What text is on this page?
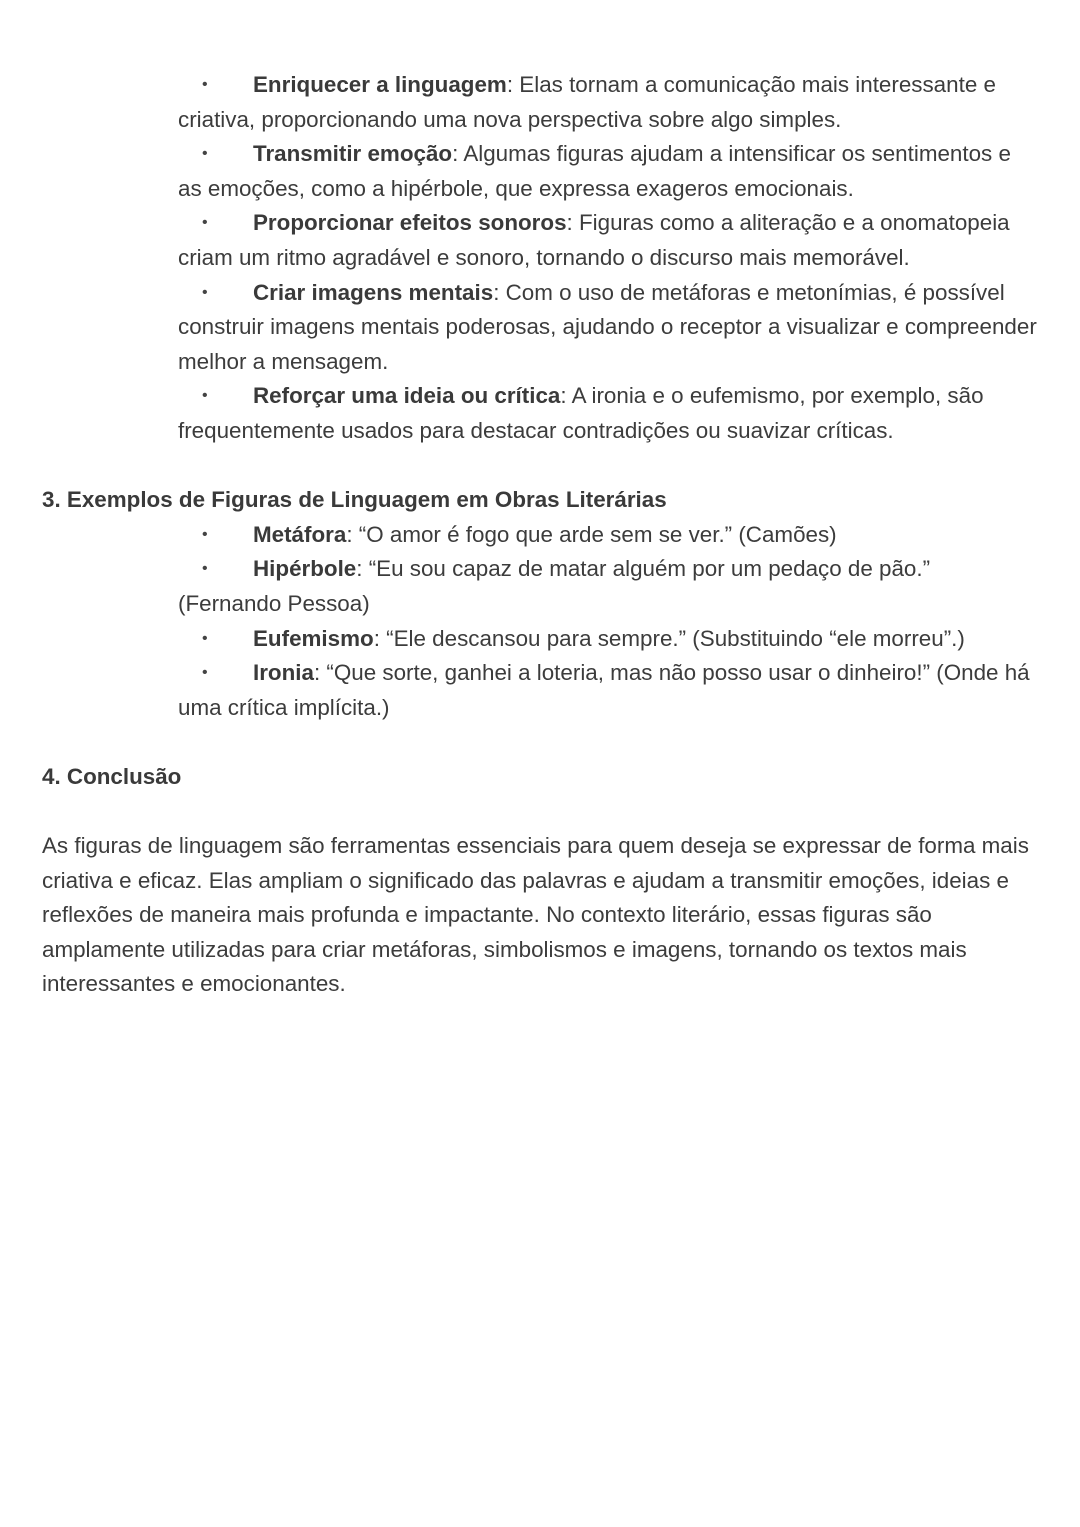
• Enriquecer a linguagem: Elas tornam a comunicação mais interessante e criativa, proporcionando uma nova perspectiva sobre algo simples.
• Transmitir emoção: Algumas figuras ajudam a intensificar os sentimentos e as emoções, como a hipérbole, que expressa exageros emocionais.
• Proporcionar efeitos sonoros: Figuras como a aliteração e a onomatopeia criam um ritmo agradável e sonoro, tornando o discurso mais memorável.
• Criar imagens mentais: Com o uso de metáforas e metonímias, é possível construir imagens mentais poderosas, ajudando o receptor a visualizar e compreender melhor a mensagem.
• Reforçar uma ideia ou crítica: A ironia e o eufemismo, por exemplo, são frequentemente usados para destacar contradições ou suavizar críticas.
3. Exemplos de Figuras de Linguagem em Obras Literárias
• Metáfora: “O amor é fogo que arde sem se ver.” (Camões)
• Hipérbole: “Eu sou capaz de matar alguém por um pedaço de pão.” (Fernando Pessoa)
• Eufemismo: “Ele descansou para sempre.” (Substituindo “ele morreu”.)
• Ironia: “Que sorte, ganhei a loteria, mas não posso usar o dinheiro!” (Onde há uma crítica implícita.)
4. Conclusão

As figuras de linguagem são ferramentas essenciais para quem deseja se expressar de forma mais criativa e eficaz. Elas ampliam o significado das palavras e ajudam a transmitir emoções, ideias e reflexões de maneira mais profunda e impactante. No contexto literário, essas figuras são amplamente utilizadas para criar metáforas, simbolismos e imagens, tornando os textos mais interessantes e emocionantes.
